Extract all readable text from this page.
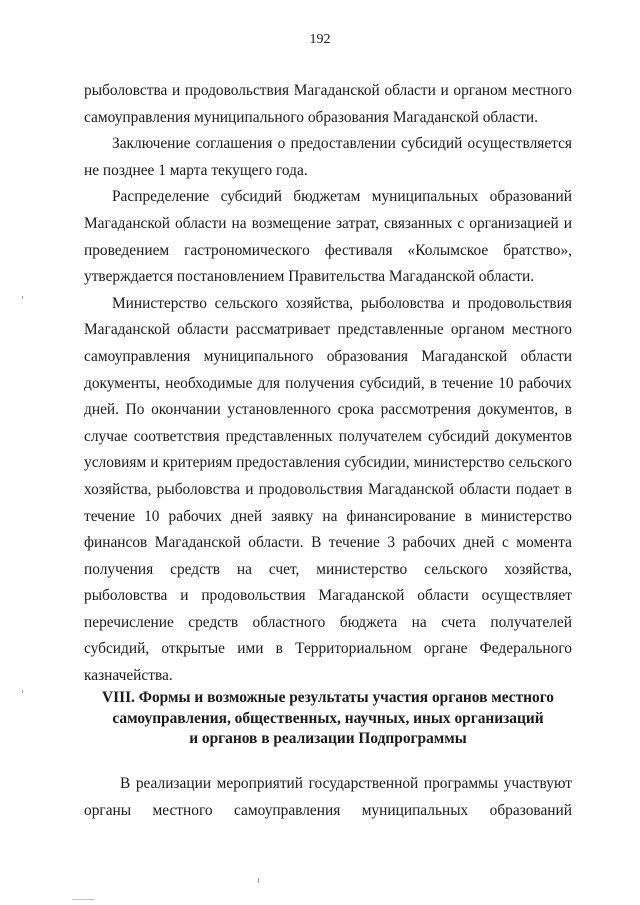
192

рыболовства и продовольствия Магаданской области и органом местного самоуправления муниципального образования Магаданской области.

Заключение соглашения о предоставлении субсидий осуществляется не позднее 1 марта текущего года.

Распределение субсидий бюджетам муниципальных образований Магаданской области на возмещение затрат, связанных с организацией и проведением гастрономического фестиваля «Колымское братство», утверждается постановлением Правительства Магаданской области.

Министерство сельского хозяйства, рыболовства и продовольствия Магаданской области рассматривает представленные органом местного самоуправления муниципального образования Магаданской области документы, необходимые для получения субсидий, в течение 10 рабочих дней. По окончании установленного срока рассмотрения документов, в случае соответствия представленных получателем субсидий документов условиям и критериям предоставления субсидии, министерство сельского хозяйства, рыболовства и продовольствия Магаданской области подает в течение 10 рабочих дней заявку на финансирование в министерство финансов Магаданской области. В течение 3 рабочих дней с момента получения средств на счет, министерство сельского хозяйства, рыболовства и продовольствия Магаданской области осуществляет перечисление средств областного бюджета на счета получателей субсидий, открытые ими в Территориальном органе Федерального казначейства.

VIII. Формы и возможные результаты участия органов местного
самоуправления, общественных, научных, иных организаций
и органов в реализации Подпрограммы

В реализации мероприятий государственной программы участвуют органы местного самоуправления муниципальных образований
